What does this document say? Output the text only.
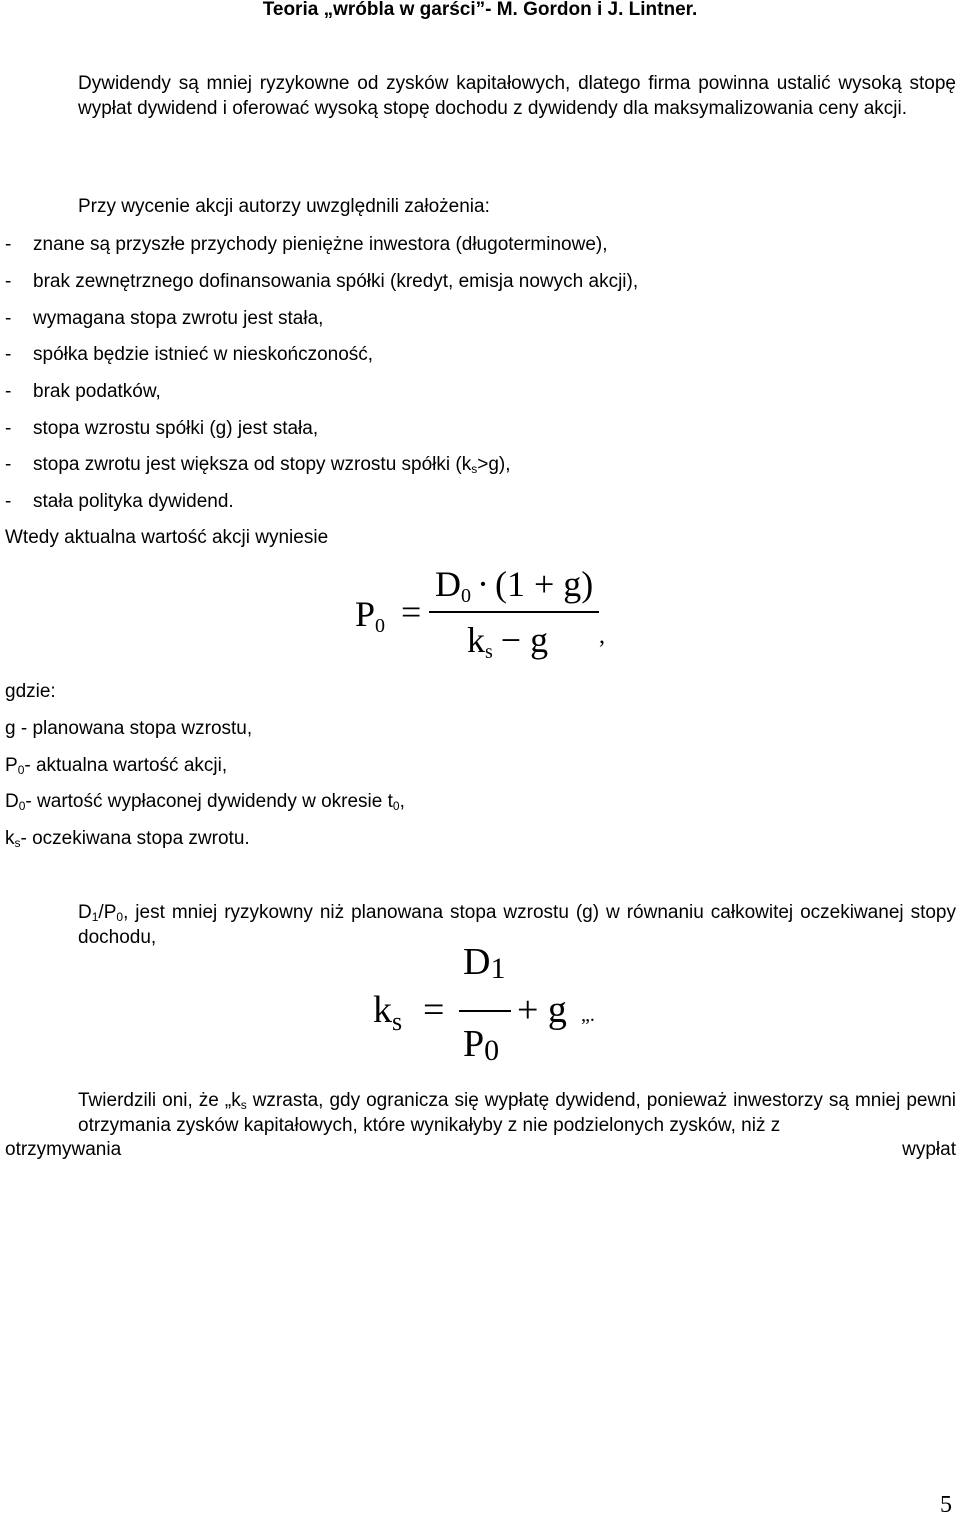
Teoria „wróbla w garści”- M. Gordon i J. Lintner.
Dywidendy są mniej ryzykowne od zysków kapitałowych, dlatego firma powinna ustalić wysoką stopę wypłat dywidend i oferować wysoką stopę dochodu z dywidendy dla maksymalizowania ceny akcji.
Przy wycenie akcji autorzy uwzględnili założenia:
- znane są przyszłe przychody pieniężne inwestora (długoterminowe),
- brak zewnętrznego dofinansowania spółki (kredyt, emisja nowych akcji),
- wymagana stopa zwrotu jest stała,
- spółka będzie istnieć w nieskończoność,
- brak podatków,
- stopa wzrostu spółki (g) jest stała,
- stopa zwrotu jest większa od stopy wzrostu spółki $(k_s>g)$,
- stała polityka dywidend.
Wtedy aktualna wartość akcji wyniesie
P0 =
D0 · (1 + g)
ks − g ,
gdzie:
g - planowana stopa wzrostu,
$P_0-$ aktualna wartość akcji,
$D_0-$ wartość wypłaconej dywidendy w okresie $t_0$,
$k_s-$ oczekiwana stopa zwrotu.
$D_1/P_0$, jest mniej ryzykowny niż planowana stopa wzrostu (g) w równaniu całkowitej oczekiwanej stopy dochodu,
$k_s$ =
D1
P0
+ g „.
Twierdzili oni, że $„k_s$ wzrasta, gdy ogranicza się wypłatę dywidend, ponieważ inwestorzy są mniej pewni otrzymania zysków kapitałowych, które wynikałyby z nie podzielonych zysków, niż z
otrzymywania	wypłat
5
